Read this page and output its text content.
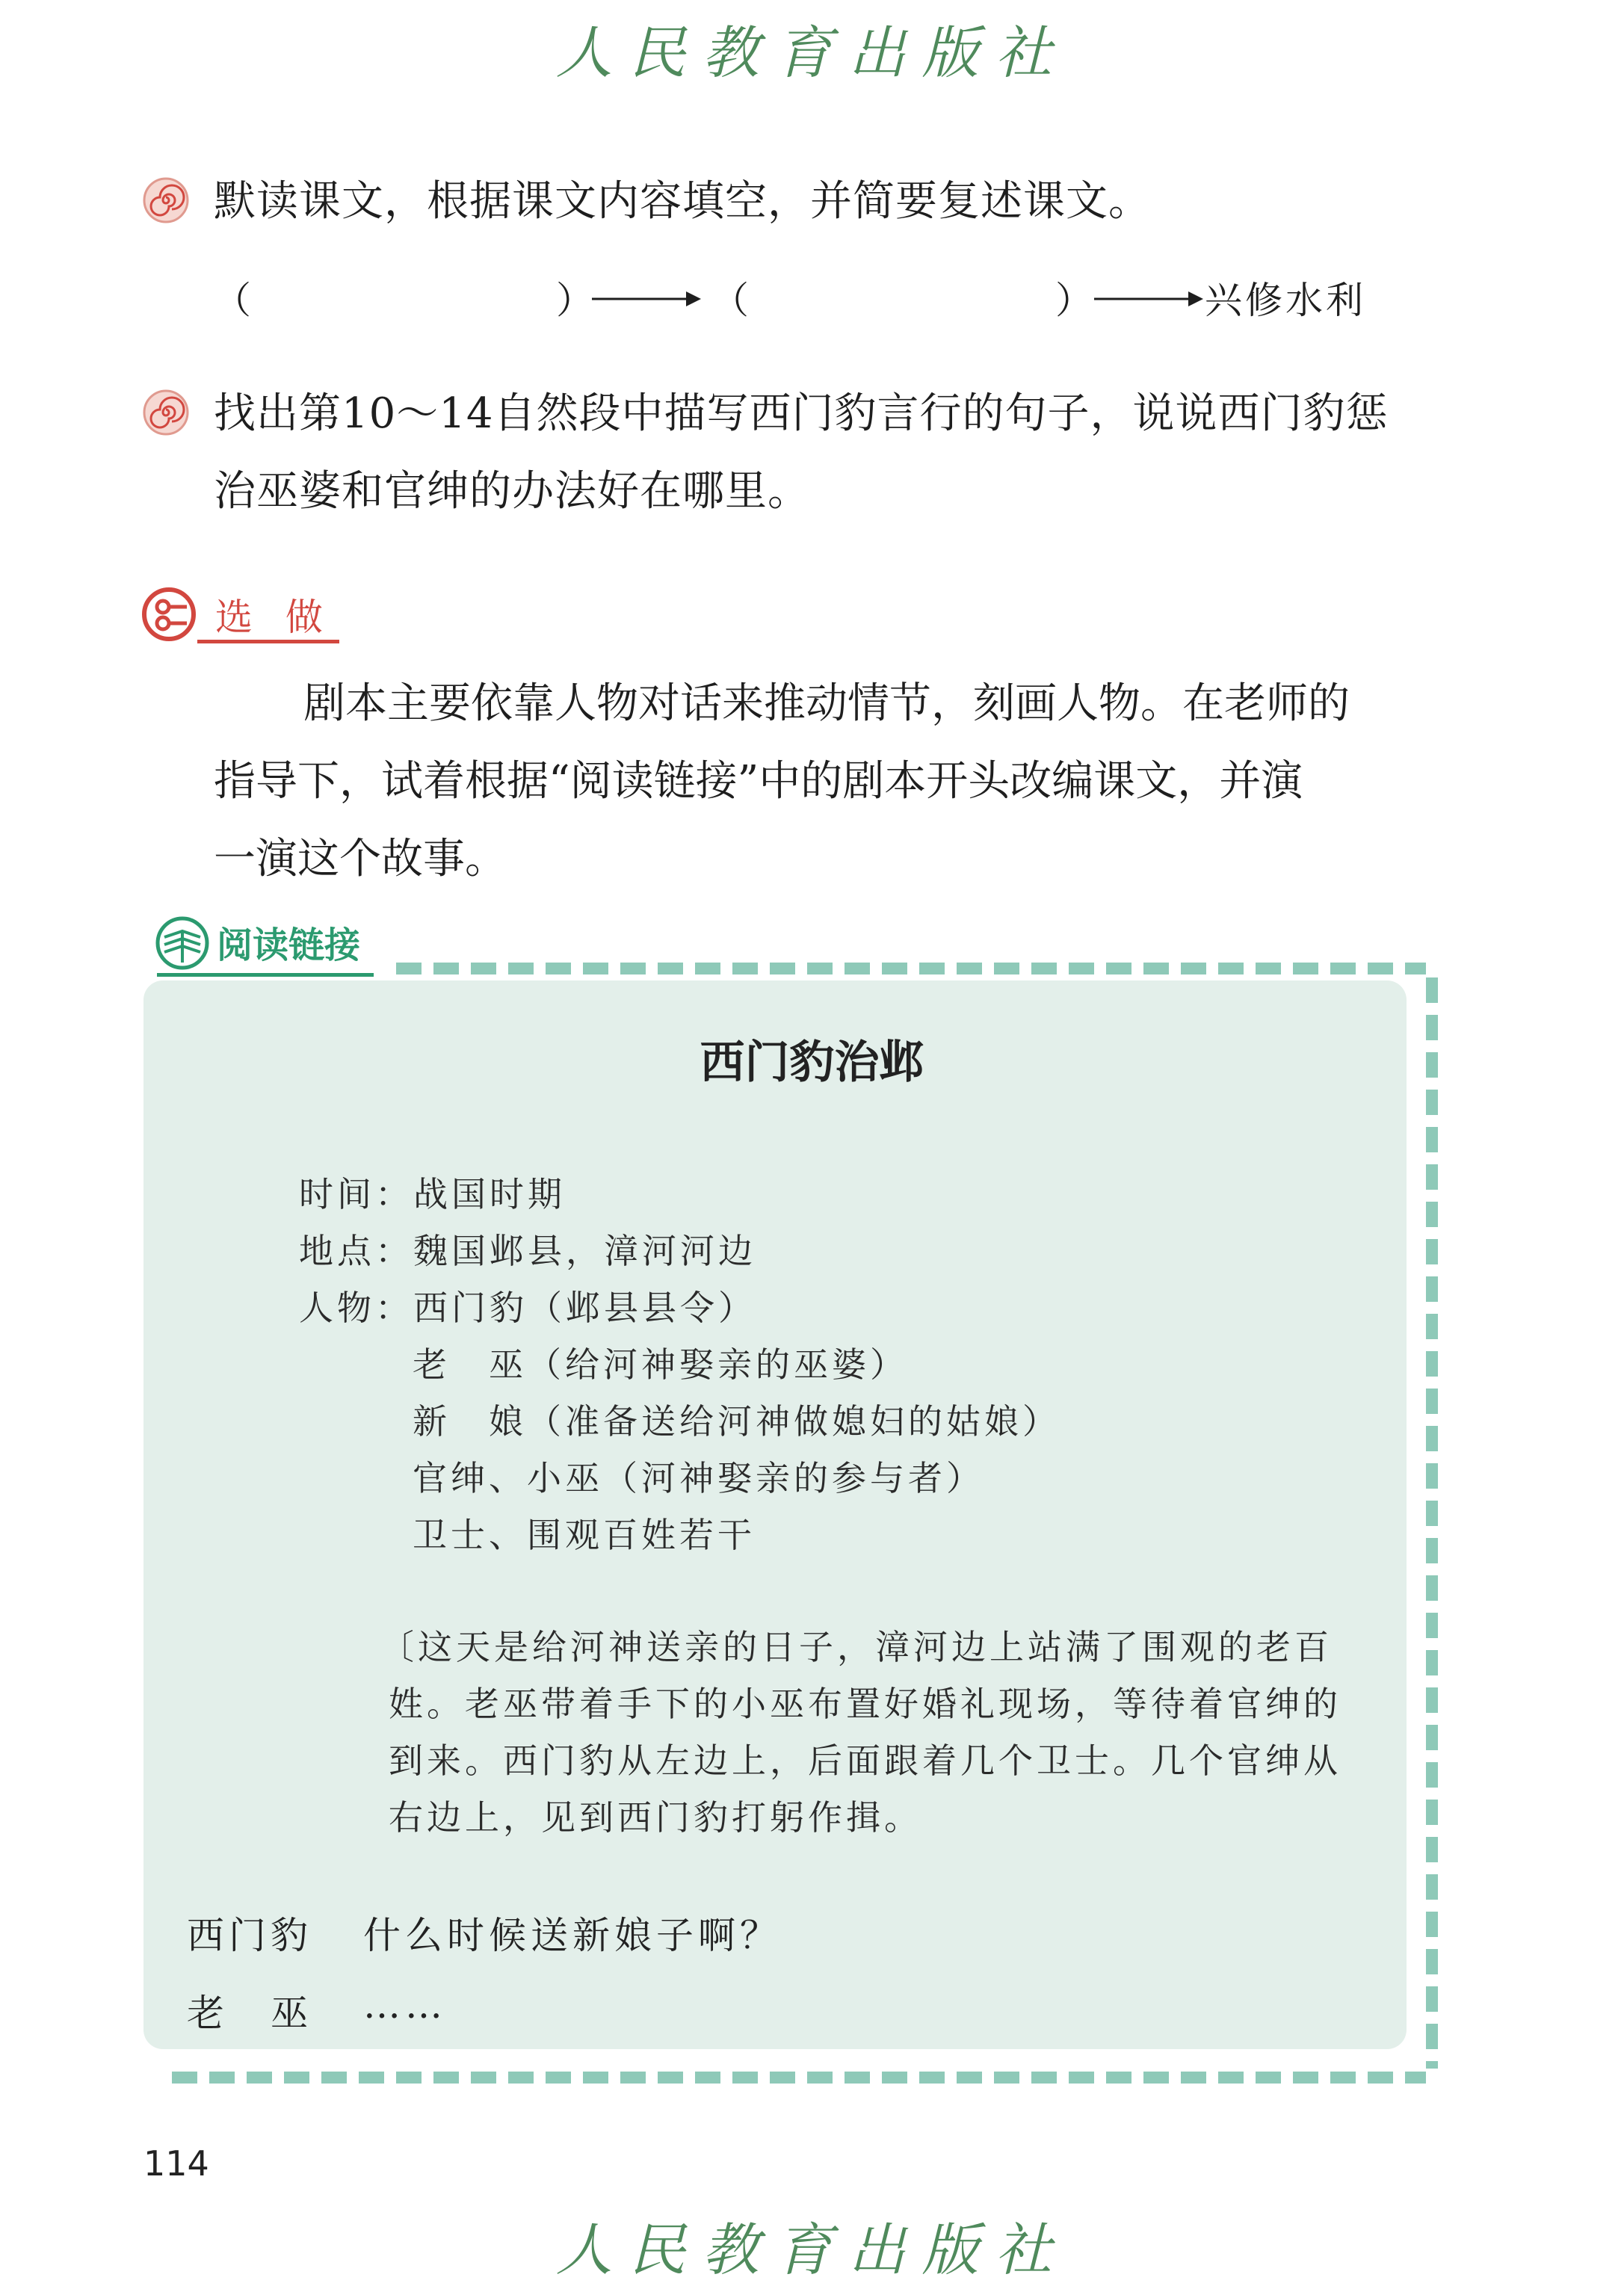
人民教育出版社
默读课文，根据课文内容填空，并简要复述课文。
（	）	（	）	兴修水利
找出第10～14自然段中描写西门豹言行的句子，说说西门豹惩
治巫婆和官绅的办法好在哪里。
选 做
剧本主要依靠人物对话来推动情节，刻画人物。在老师的
指导下，试着根据“阅读链接”中的剧本开头改编课文，并演
一演这个故事。
阅读链接
西门豹治邺
时间：战国时期
地点：魏国邺县，漳河河边
人物：西门豹（邺县县令）
老　巫（给河神娶亲的巫婆）
新　娘（准备送给河神做媳妇的姑娘）
官绅、小巫（河神娶亲的参与者）
卫士、围观百姓若干
〔这天是给河神送亲的日子，漳河边上站满了围观的老百
姓。老巫带着手下的小巫布置好婚礼现场，等待着官绅的
到来。西门豹从左边上，后面跟着几个卫士。几个官绅从
右边上，见到西门豹打躬作揖。
西门豹 什么时候送新娘子啊？
老　巫 ……
114
人民教育出版社
